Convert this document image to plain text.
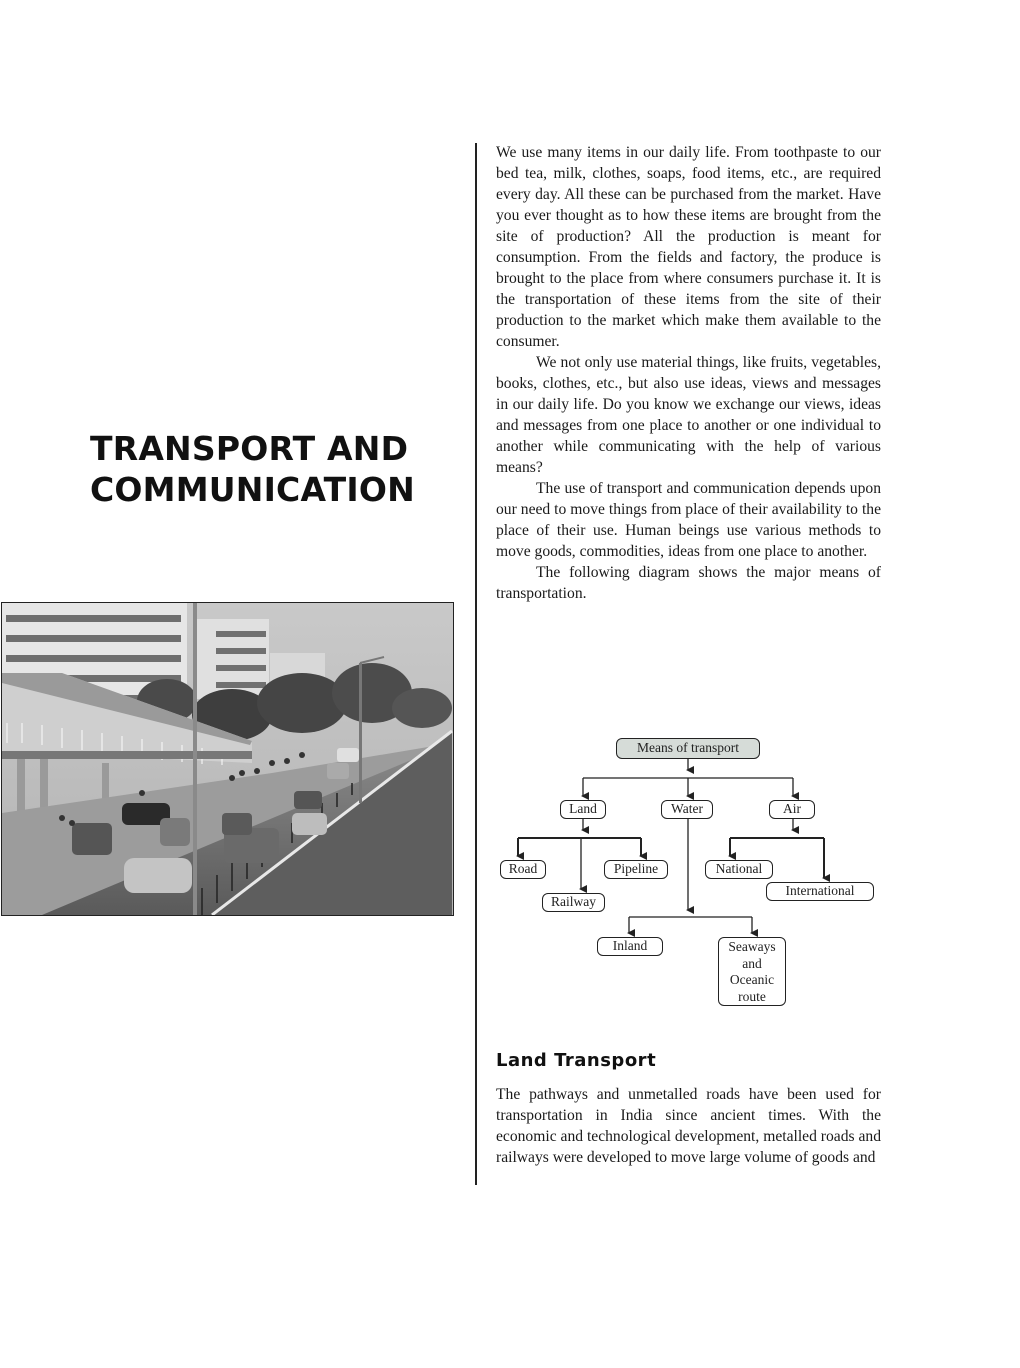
TRANSPORT AND
COMMUNICATION

We use many items in our daily life. From toothpaste to our bed tea, milk, clothes, soaps, food items, etc., are required every day. All these can be purchased from the market. Have you ever thought as to how these items are brought from the site of production? All the production is meant for consumption. From the fields and factory, the produce is brought to the place from where consumers purchase it. It is the transportation of these items from the site of their production to the market which make them available to the consumer.

We not only use material things, like fruits, vegetables, books, clothes, etc., but also use ideas, views and messages in our daily life. Do you know we exchange our views, ideas and messages from one place to another or one individual to another while communicating with the help of various means?

The use of transport and communication depends upon our need to move things from place of their availability to the place of their use. Human beings use various methods to move goods, commodities, ideas from one place to another.

The following diagram shows the major means of transportation.

Means of transport
Land	Water	Air
Road	Pipeline
Railway
National
International
Inland	Seaways and Oceanic route
Land Transport

The pathways and unmetalled roads have been used for transportation in India since ancient times. With the economic and technological development, metalled roads and railways were developed to move large volume of goods and
